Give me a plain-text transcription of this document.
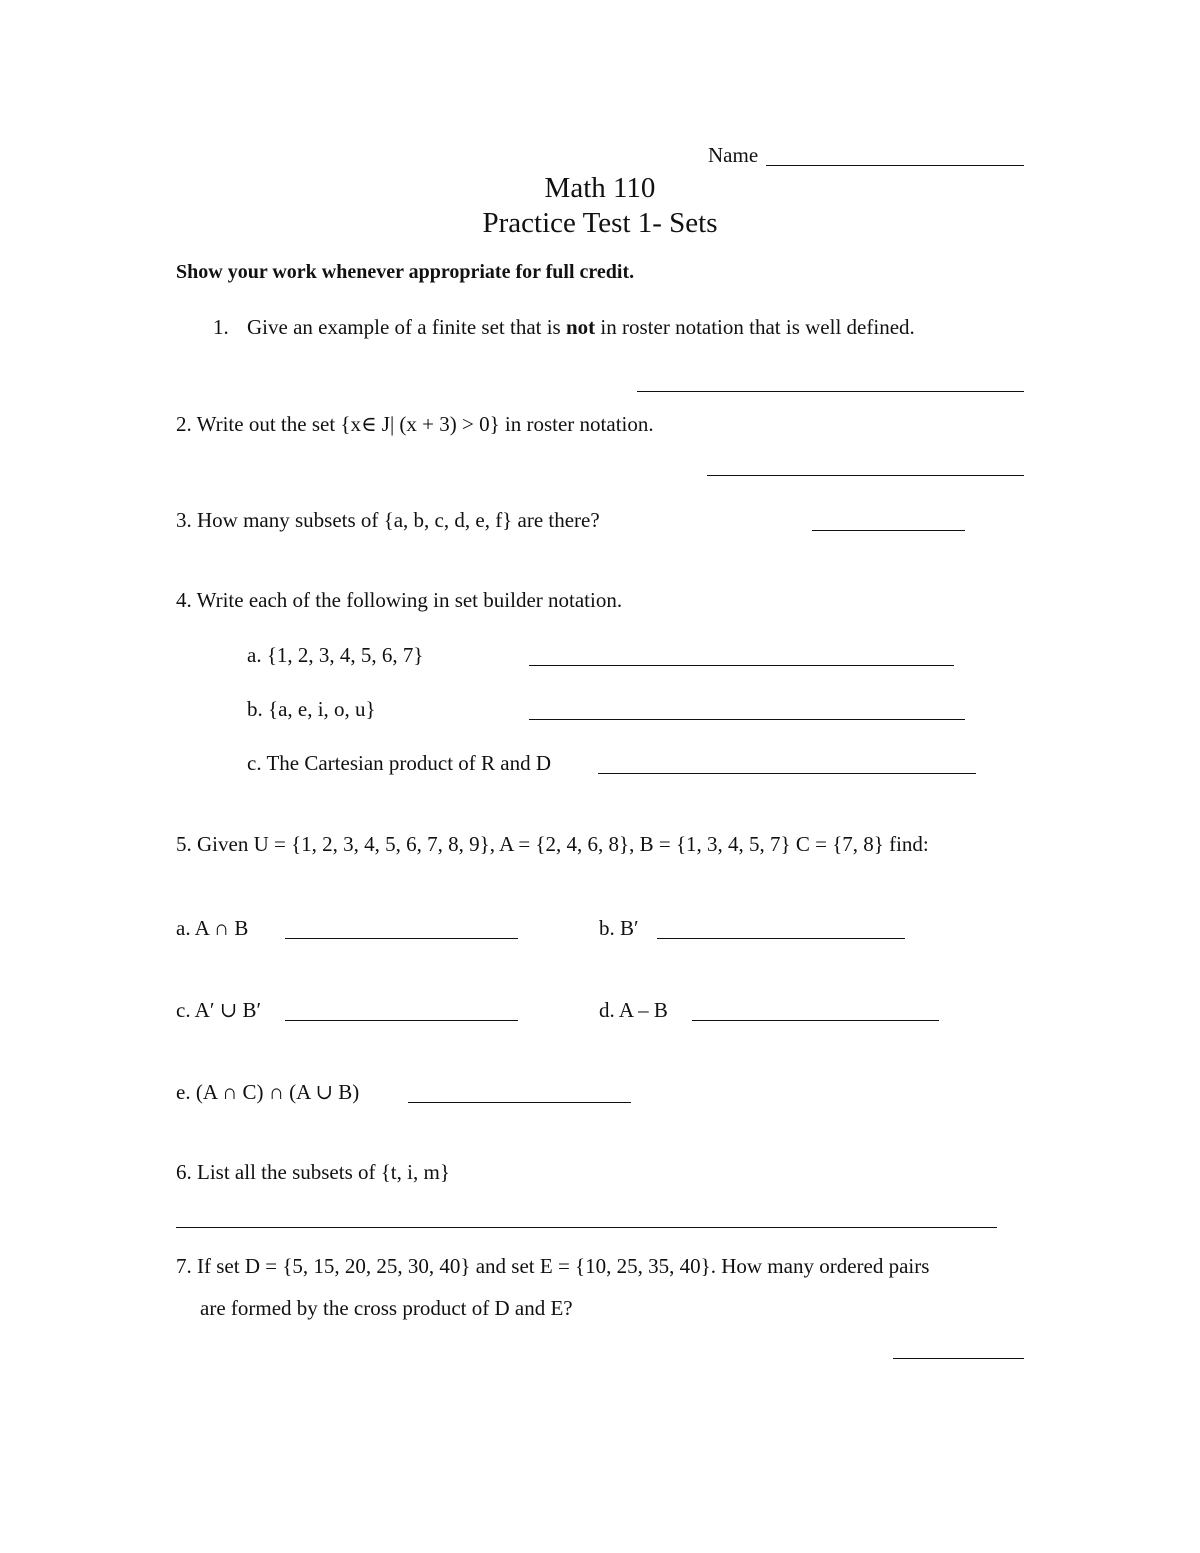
Name
Math 110
Practice Test 1- Sets
Show your work whenever appropriate for full credit.
1. Give an example of a finite set that is not in roster notation that is well defined.
2. Write out the set {x∈ J| (x + 3) > 0} in roster notation.
3. How many subsets of {a, b, c, d, e, f} are there?
4. Write each of the following in set builder notation.
a. {1, 2, 3, 4, 5, 6, 7}
b. {a, e, i, o, u}
c. The Cartesian product of R and D
5. Given U = {1, 2, 3, 4, 5, 6, 7, 8, 9}, A = {2, 4, 6, 8}, B = {1, 3, 4, 5, 7} C = {7, 8} find:
a. A ∩ B	b. B′
c. A′ ∪ B′	d. A – B
e. (A ∩ C) ∩ (A ∪ B)
6. List all the subsets of {t, i, m}
7. If set D = {5, 15, 20, 25, 30, 40} and set E = {10, 25, 35, 40}. How many ordered pairs
are formed by the cross product of D and E?
